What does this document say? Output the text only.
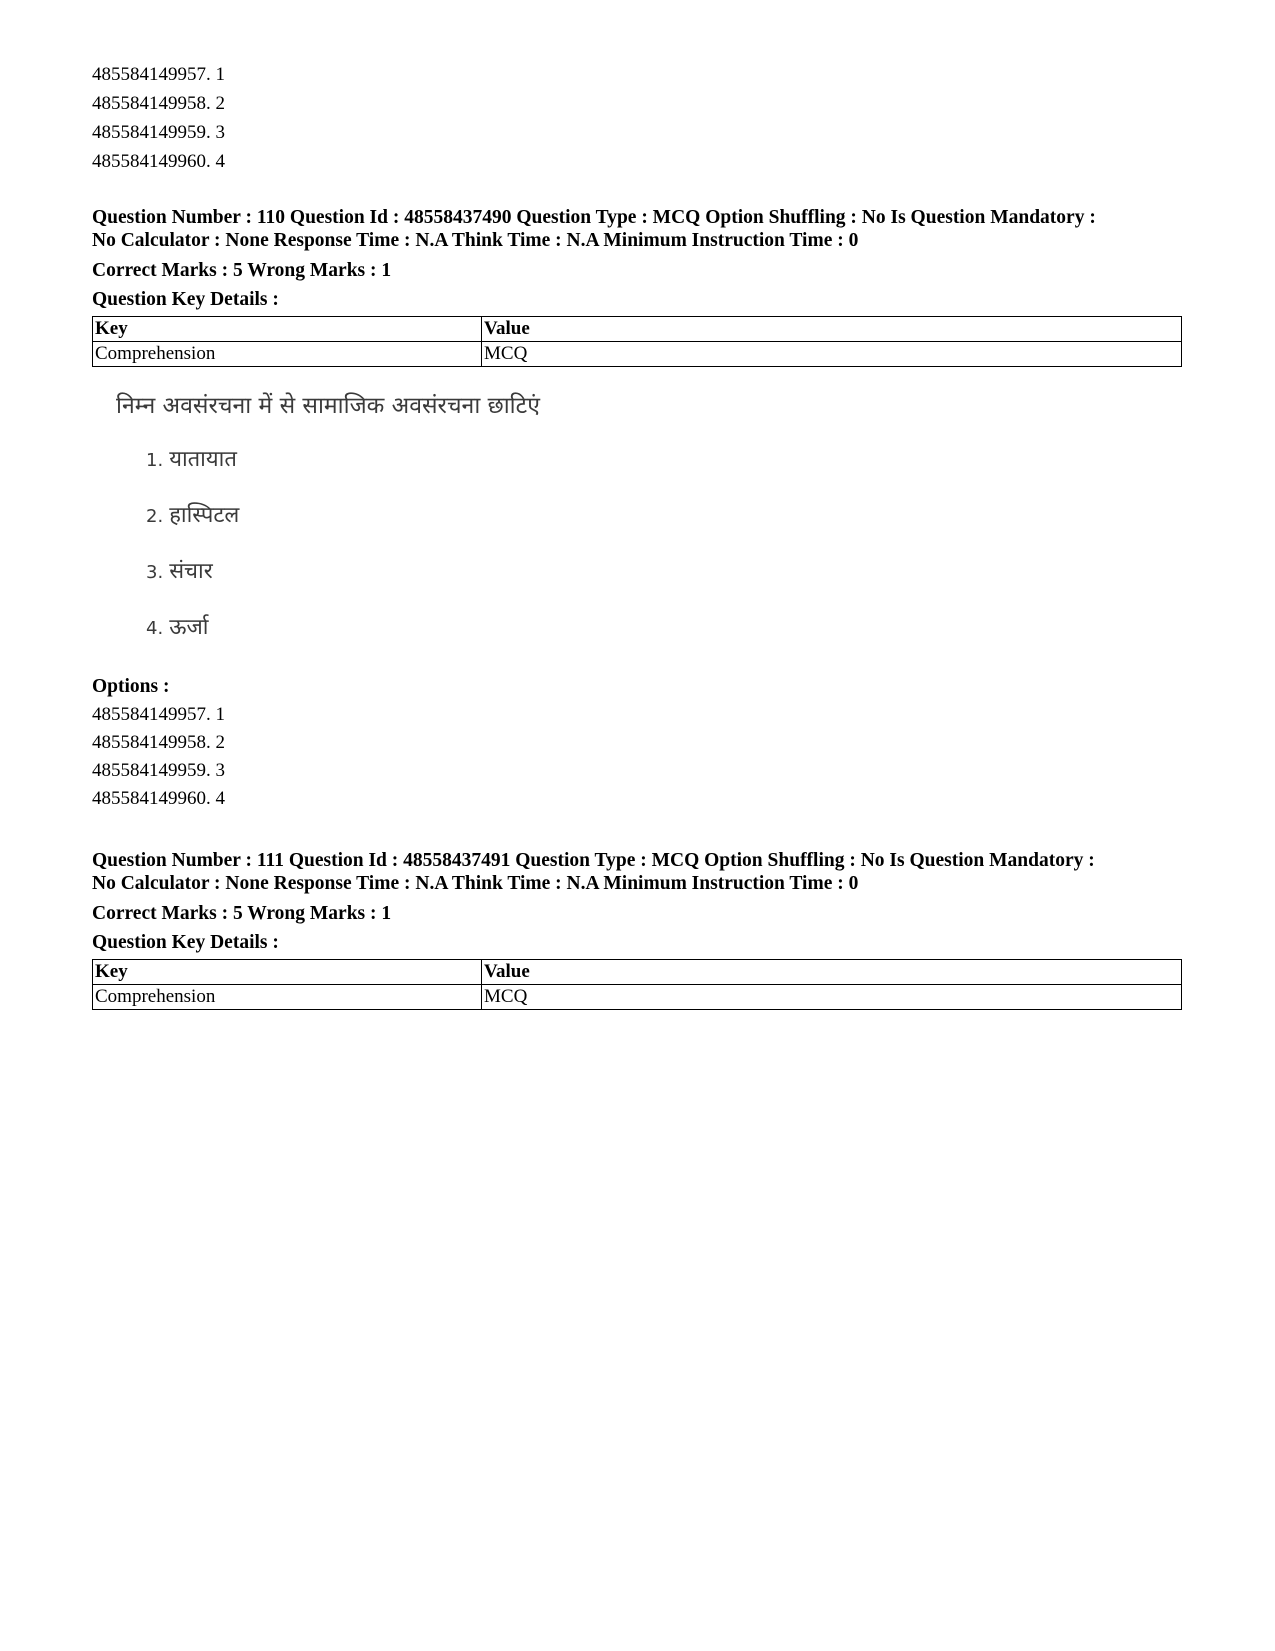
485584149957. 1
485584149958. 2
485584149959. 3
485584149960. 4
Question Number : 110 Question Id : 48558437490 Question Type : MCQ Option Shuffling : No Is Question Mandatory :
No Calculator : None Response Time : N.A Think Time : N.A Minimum Instruction Time : 0
Correct Marks : 5 Wrong Marks : 1
Question Key Details :
Key	Value
Comprehension	MCQ
निम्न अवसंरचना में से सामाजिक अवसंरचना छाटिएं
1. यातायात
2. हास्पिटल
3. संचार
4. ऊर्जा
Options :
485584149957. 1
485584149958. 2
485584149959. 3
485584149960. 4
Question Number : 111 Question Id : 48558437491 Question Type : MCQ Option Shuffling : No Is Question Mandatory :
No Calculator : None Response Time : N.A Think Time : N.A Minimum Instruction Time : 0
Correct Marks : 5 Wrong Marks : 1
Question Key Details :
Key	Value
Comprehension	MCQ
